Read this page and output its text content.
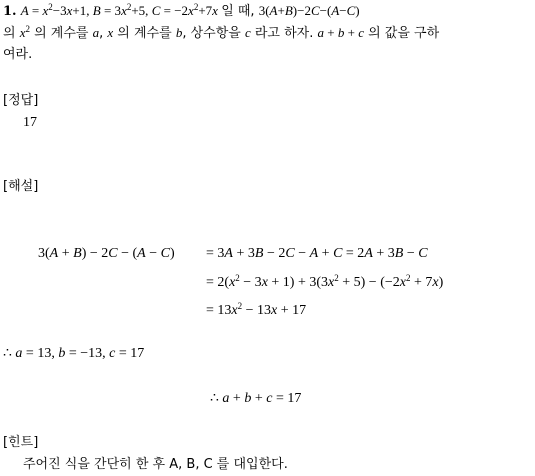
1. $A = x^2-3x+1$, $B = 3x^2+5$, $C = -2x^2+7x$ 일 때, 3(A+B)−2C−(A−C)
의 $x^2$ 의 계수를 a, x 의 계수를 b, 상수항을 c 라고 하자. a + b + c 의 값을 구하
여라.
[정답]
17
[해설]
3(A + B) − 2C − (A − C) = 3A + 3B − 2C − A + C = 2A + 3B − C
= $2(x^2 - 3x + 1) + 3(3x^2 + 5) - (-2x^2 + 7x)$
= $13x^2 - 13x + 17$
∴ a = 13, b = −13, c = 17
∴ a + b + c = 17
[힌트]
주어진 식을 간단히 한 후 A, B, C 를 대입한다.
